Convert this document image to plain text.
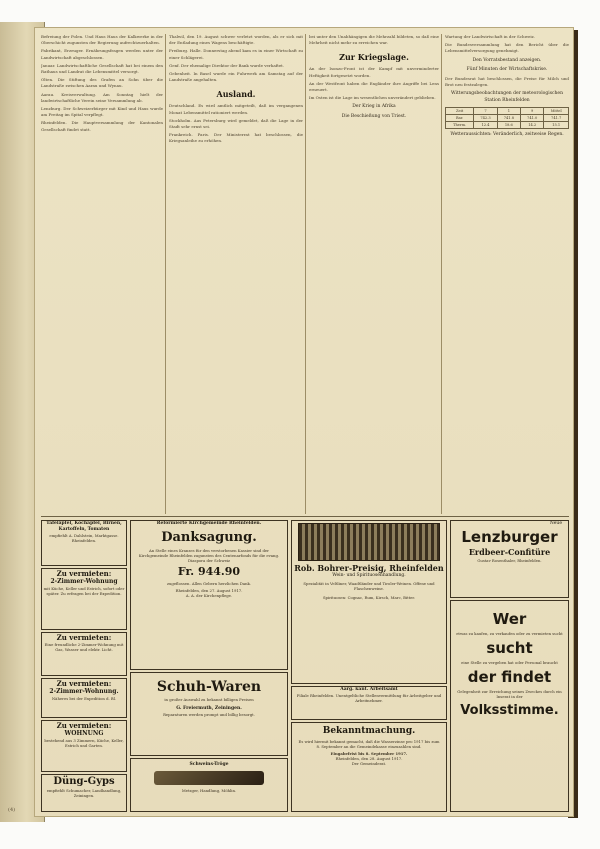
Befreiung der Polen. Und Haus Haus der Kalkwerke in der Oberschicht zugunsten der Regierung aufrechtzuerhalten.

Fabrikant, Erzeuger. Ernährungsfragen werden unter der Landwirtschaft abgeschlossen.

Januar. Landwirtschaftliche Gesellschaft hat bei einem den Rathaus und Landrat die Lebensmittel versorgt.

Olten. Die Stiftung des Grafen an Sohn über die Landstraße zwischen Aarau und Wynau.

Aarau. Kreisverwaltung. Am Sonntag hielt der landwirtschaftliche Verein seine Versammlung ab.

Lenzburg. Der Schweizerbürger mit Kind und Haus wurde am Freitag im Spital verpflegt.

Rheinfelden. Die Hauptversammlung der Kantonalen Gesellschaft findet statt.

Thalwil, den 19. August schwer verletzt worden, als er sich mit der Entladung eines Wagens beschäftigte.

Freiburg. Halle. Donnerstag abend kam es in einer Wirtschaft zu einer Schlägerei.

Genf. Der ehemalige Direktor der Bank wurde verhaftet.

Gebenheit. In Basel wurde ein Fuhrwerk am Samstag auf der Landstraße angehalten.

Ausland.

Deutschland. Es wird amtlich mitgeteilt, daß im vergangenen Monat Lebensmittel rationiert werden.

Stockholm. Aus Petersburg wird gemeldet, daß die Lage in der Stadt sehr ernst sei.

Frankreich. Paris. Der Ministerrat hat beschlossen, die Kriegsanleihe zu erhöhen.

bei unter den Unabhängigen die Mehrzahl bildeten, so daß eine Mehrheit nicht mehr zu erreichen war.

Zur Kriegslage.

An der Isonzo-Front ist der Kampf mit unverminderter Heftigkeit fortgesetzt worden.

An der Westfront haben die Engländer ihre Angriffe bei Lens erneuert.

Im Osten ist die Lage im wesentlichen unverändert geblieben.

Der Krieg in Afrika
Die Beschießung von Triest.

Wartung der Landwirtschaft in der Schweiz.

Die Bundesversammlung hat den Bericht über die Lebensmittelversorgung genehmigt.

Den Vorratsbestand anzeigen.
Fünf Minuten der Wirtschaftskrise.

Der Bundesrat hat beschlossen, die Preise für Milch und Brot neu festzulegen.

Witterungsbeobachtungen der meteorologischen Station Rheinfelden
Zeit	7	1	9	Mittel
Bar.	742.3	741.8	741.0	741.7
Therm.	12.4	18.6	14.2	15.1
Wetteraussichten: Veränderlich, zeitweise Regen.
Tafeläpfel, Kochäpfel, Birnen, Kartoffeln, Tomaten
empfiehlt A. Dahlstein, Marktgasse. Rheinfelden.
Zu vermieten:
2-Zimmer-Wohnung
mit Küche, Keller und Estrich, sofort oder später. Zu erfragen bei der Expedition.
Zu vermieten:
Eine freundliche 2-Zimmer-Wohnung mit Gas, Wasser und elektr. Licht.
Zu vermieten:
2-Zimmer-Wohnung.
Näheres bei der Expedition d. Bl.
Zu vermieten:
WOHNUNG
bestehend aus 3 Zimmern, Küche, Keller, Estrich und Garten.
Düng-Gyps
empfiehlt Schumacher, Landhandlung, Zeiningen.
Reformierte Kirchgemeinde Rheinfelden.
Danksagung.
An Stelle eines Kranzes für den verstorbenen Kassier sind der Kirchgemeinde Rheinfelden zugunsten des Centenarfonds für die evang. Diaspora der Schweiz
Fr. 944.90
zugeflossen. Allen Gebern herzlichen Dank.
Rheinfelden, den 27. August 1917.
A. A. der Kirchenpflege.
Schuh-Waren
in großer Auswahl zu bekannt billigen Preisen
G. Freiermuth, Zeiningen.
Reparaturen werden prompt und billig besorgt.
Schweins-Tröge
Metzger, Handlung, Möhlin.
Rob. Bohrer-Preisig, Rheinfelden
Wein- und Spirituosenhandlung.
Spezialität in Veltliner, Waadtländer und Tiroler-Weinen. Offene und Flaschenweine.
Spirituosen: Cognac, Rum, Kirsch, Marc, Bitter.
Aarg. kant. Arbeitsamt
Filiale Rheinfelden. Unentgeltliche Stellenvermittlung für Arbeitgeber und Arbeitnehmer.
Bekanntmachung.
Es wird hiermit bekannt gemacht, daß die Wasserzinse pro 1917 bis zum 8. September an die Gemeindekasse einzuzahlen sind.
Eingabefrist bis 8. September 1917.
Rheinfelden, den 28. August 1917.
Der Gemeinderat.
Neue
Lenzburger
Erdbeer-Confitüre
Gustav Rosenthaler, Rheinfelden.
Wer
etwas zu kaufen, zu verkaufen oder zu vermieten sucht
sucht
eine Stelle zu vergeben hat oder Personal braucht
der findet
Gelegenheit zur Erreichung seines Zweckes durch ein Inserat in der
Volksstimme.
(4)
